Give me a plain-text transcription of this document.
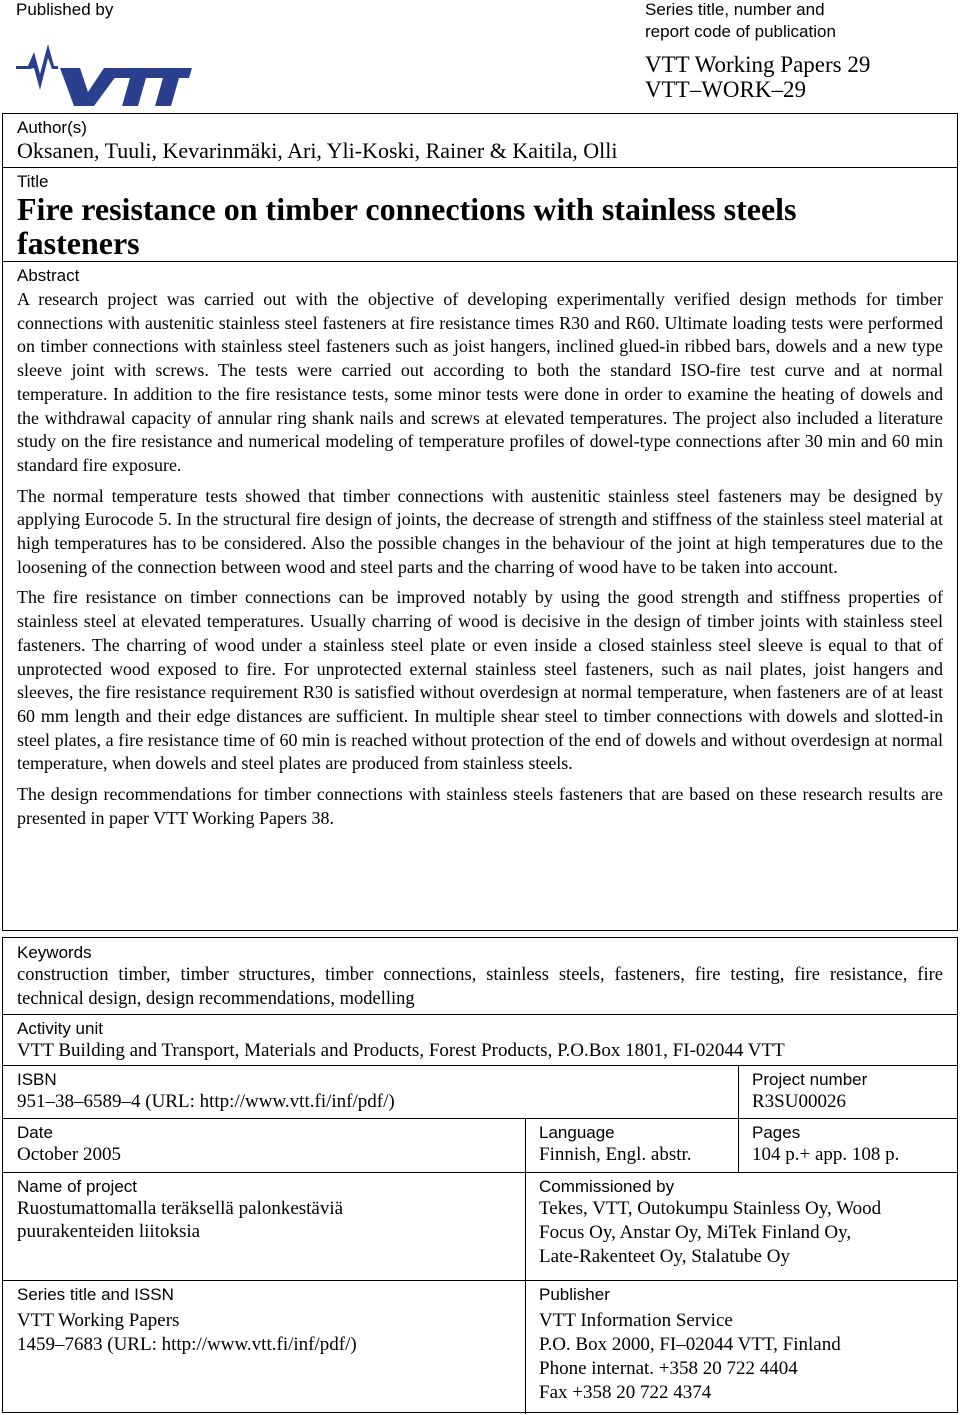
Published by	Series title, number and
report code of publication
VTT Working Papers 29
VTT–WORK–29
Author(s)
Oksanen, Tuuli, Kevarinmäki, Ari, Yli-Koski, Rainer & Kaitila, Olli
Title
Fire resistance on timber connections with stainless steels fasteners
Abstract

A research project was carried out with the objective of developing experimentally verified design methods for timber connections with austenitic stainless steel fasteners at fire resistance times R30 and R60. Ultimate loading tests were performed on timber connections with stainless steel fasteners such as joist hangers, inclined glued-in ribbed bars, dowels and a new type sleeve joint with screws. The tests were carried out according to both the standard ISO-fire test curve and at normal temperature. In addition to the fire resistance tests, some minor tests were done in order to examine the heating of dowels and the withdrawal capacity of annular ring shank nails and screws at elevated temperatures. The project also included a literature study on the fire resistance and numerical modeling of temperature profiles of dowel-type connections after 30 min and 60 min standard fire exposure.

The normal temperature tests showed that timber connections with austenitic stainless steel fasteners may be designed by applying Eurocode 5. In the structural fire design of joints, the decrease of strength and stiffness of the stainless steel material at high temperatures has to be considered. Also the possible changes in the behaviour of the joint at high temperatures due to the loosening of the connection between wood and steel parts and the charring of wood have to be taken into account.

The fire resistance on timber connections can be improved notably by using the good strength and stiffness properties of stainless steel at elevated temperatures. Usually charring of wood is decisive in the design of timber joints with stainless steel fasteners. The charring of wood under a stainless steel plate or even inside a closed stainless steel sleeve is equal to that of unprotected wood exposed to fire. For unprotected external stainless steel fasteners, such as nail plates, joist hangers and sleeves, the fire resistance requirement R30 is satisfied without overdesign at normal temperature, when fasteners are of at least 60 mm length and their edge distances are sufficient. In multiple shear steel to timber connections with dowels and slotted-in steel plates, a fire resistance time of 60 min is reached without protection of the end of dowels and without overdesign at normal temperature, when dowels and steel plates are produced from stainless steels.

The design recommendations for timber connections with stainless steels fasteners that are based on these research results are presented in paper VTT Working Papers 38.

Keywords
construction timber, timber structures, timber connections, stainless steels, fasteners, fire testing, fire resistance, fire technical design, design recommendations, modelling
Activity unit
VTT Building and Transport, Materials and Products, Forest Products, P.O.Box 1801, FI-02044 VTT
ISBN
951–38–6589–4 (URL: http://www.vtt.fi/inf/pdf/)
Project number
R3SU00026
Date
October 2005
Language
Finnish, Engl. abstr.
Pages
104 p.+ app. 108 p.
Name of project
Ruostumattomalla teräksellä palonkestäviä
puurakenteiden liitoksia
Commissioned by
Tekes, VTT, Outokumpu Stainless Oy, Wood
Focus Oy, Anstar Oy, MiTek Finland Oy,
Late-Rakenteet Oy, Stalatube Oy
Series title and ISSN
VTT Working Papers
1459–7683 (URL: http://www.vtt.fi/inf/pdf/)
Publisher
VTT Information Service
P.O. Box 2000, FI–02044 VTT, Finland
Phone internat. +358 20 722 4404
Fax +358 20 722 4374
